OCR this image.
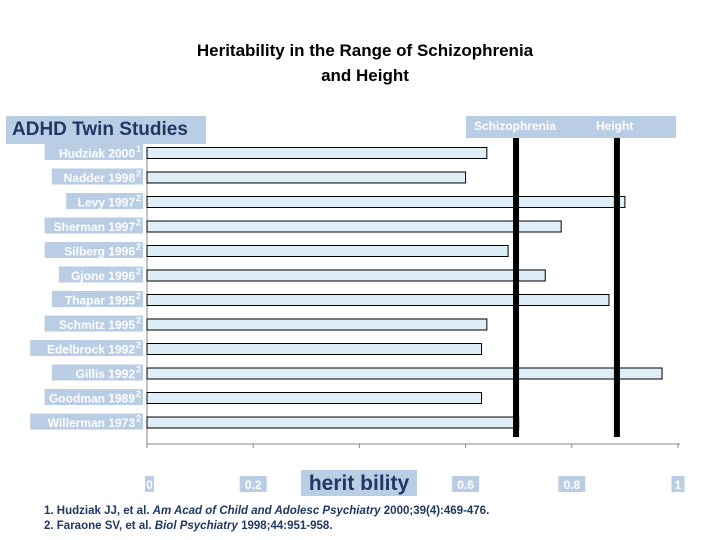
Heritability in the Range of Schizophrenia
and Height
ADHD Twin Studies	Schizophrenia	Height
0	0.2	0.6	0.8	1
Hudziak 2000 1
Nadder 1998 2
Levy 1997 2
Sherman 1997 2
Silberg 1996 2
Gjone 1996 2
Thapar 1995 2
Schmitz 1995 2
Edelbrock 1992 2
Gillis 1992 2
Goodman 1989 2
Willerman 1973 2
herit bility
1. Hudziak JJ, et al. Am Acad of Child and Adolesc Psychiatry 2000;39(4):469-476.
2. Faraone SV, et al. Biol Psychiatry 1998;44:951-958.
